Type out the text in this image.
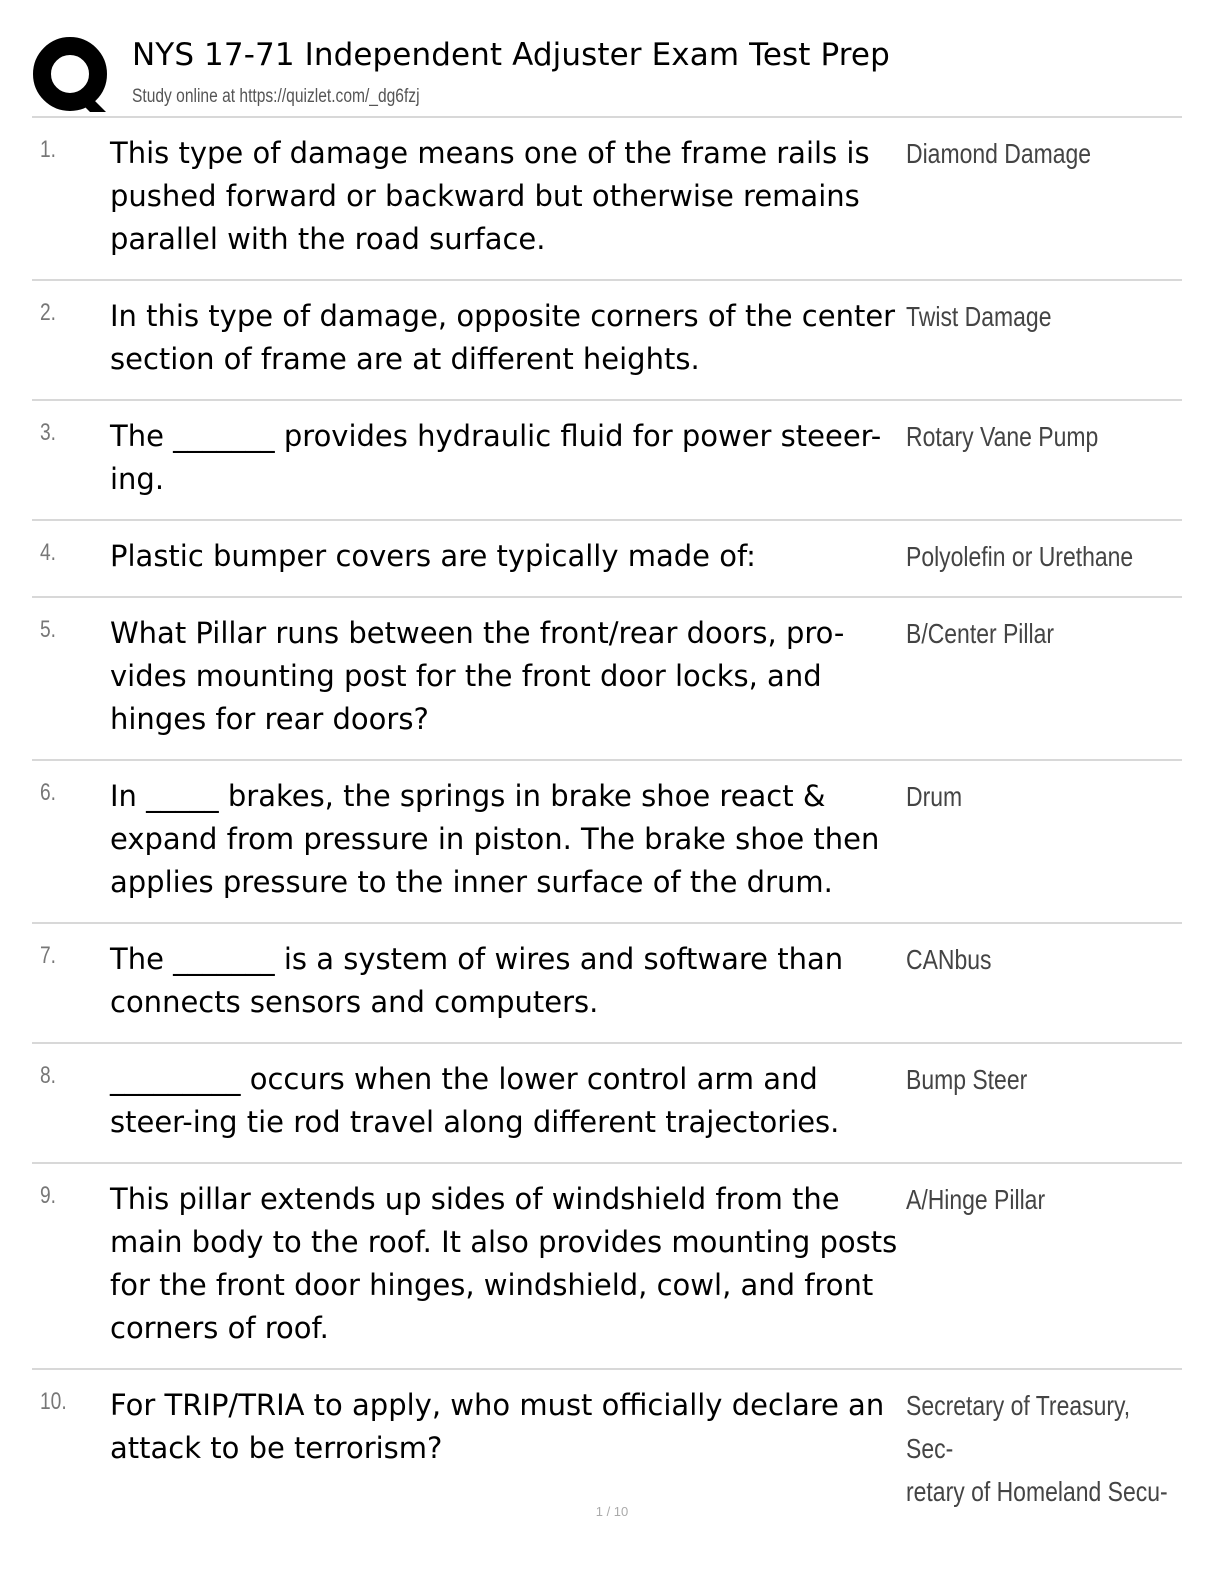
NYS 17-71 Independent Adjuster Exam Test Prep
Study online at https://quizlet.com/_dg6fzj
1.	This type of damage means one of the frame rails is pushed forward or backward but otherwise remains parallel with the road surface.
Diamond Damage
2.	In this type of damage, opposite corners of the center section of frame are at different heights.
Twist Damage
3.	The _______ provides hydraulic fluid for power steeer-ing.
Rotary Vane Pump
4.	Plastic bumper covers are typically made of:	Polyolefin or Urethane
5.	What Pillar runs between the front/rear doors, pro-vides mounting post for the front door locks, and hinges for rear doors?
B/Center Pillar
6.	In _____ brakes, the springs in brake shoe react & expand from pressure in piston. The brake shoe then applies pressure to the inner surface of the drum.
Drum
7.	The _______ is a system of wires and software than connects sensors and computers.
CANbus
8.	_________ occurs when the lower control arm and steer-ing tie rod travel along different trajectories.
Bump Steer
9.	This pillar extends up sides of windshield from the main body to the roof. It also provides mounting posts for the front door hinges, windshield, cowl, and front corners of roof.
A/Hinge Pillar
10.	For TRIP/TRIA to apply, who must officially declare an attack to be terrorism?
Secretary of Treasury, Sec-
retary of Homeland Secu-
1 / 10
